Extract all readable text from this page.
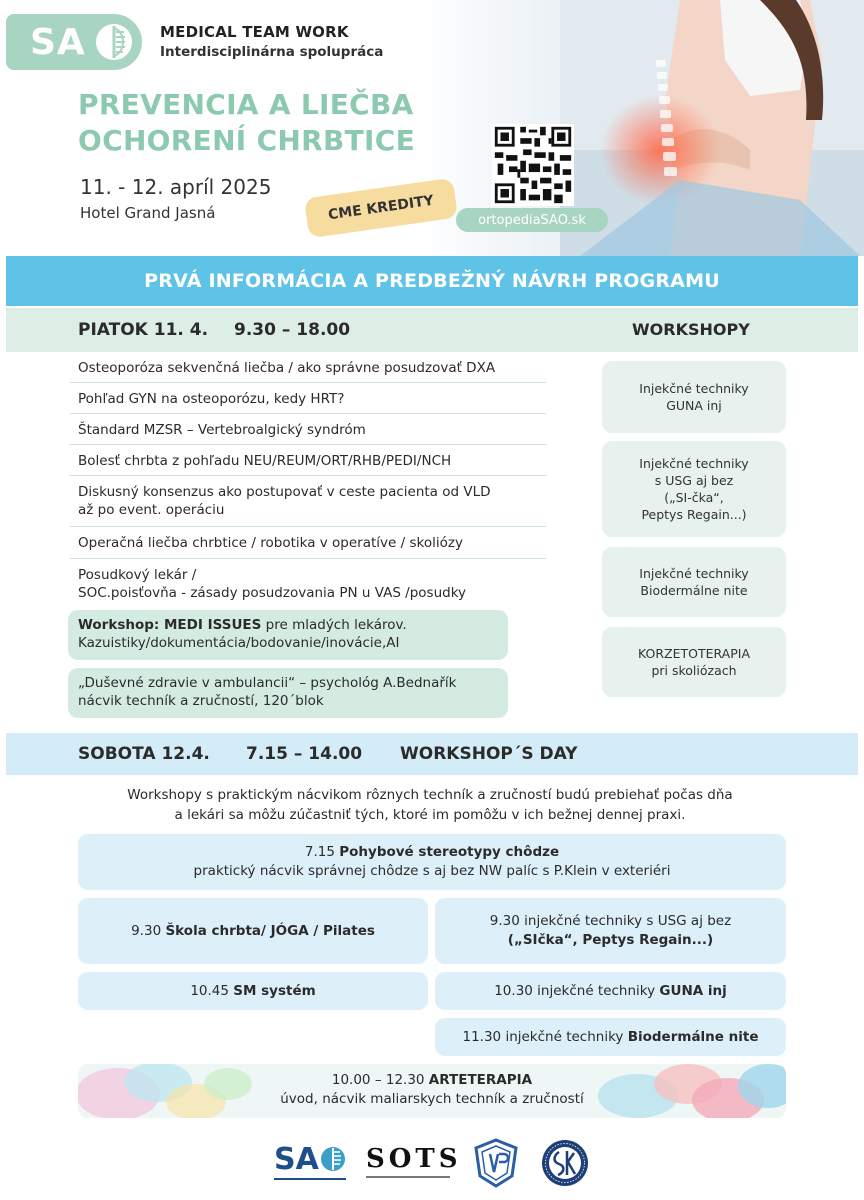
SA	MEDICAL TEAM WORK
Interdisciplinárna spolupráca
PREVENCIA A LIEČBA
OCHORENÍ CHRBTICE
11. - 12. apríl 2025
Hotel Grand Jasná	CME KREDITY	ortopediaSAO.sk
PRVÁ INFORMÁCIA A PREDBEŽNÝ NÁVRH PROGRAMU
PIATOK 11. 4. 9.30 – 18.00	WORKSHOPY
Osteoporóza sekvenčná liečba / ako správne posudzovať DXA
Pohľad GYN na osteoporózu, kedy HRT?
Štandard MZSR – Vertebroalgický syndróm
Bolesť chrbta z pohľadu NEU/REUM/ORT/RHB/PEDI/NCH
Diskusný konsenzus ako postupovať v ceste pacienta od VLD
až po event. operáciu
Operačná liečba chrbtice / robotika v operatíve / skoliózy
Posudkový lekár /
SOC.poisťovňa - zásady posudzovania PN u VAS /posudky
Workshop: MEDI ISSUES pre mladých lekárov.
Kazuistiky/dokumentácia/bodovanie/inovácie,AI
„Duševné zdravie v ambulancii“ – psychológ A.Bednařík
nácvik techník a zručností, 120´blok
Injekčné techniky
GUNA inj
Injekčné techniky
s USG aj bez
(„SI-čka“,
Peptys Regain...)
Injekčné techniky
Biodermálne nite
KORZETOTERAPIA
pri skoliózach
SOBOTA 12.4. 7.15 – 14.00 WORKSHOP´S DAY
Workshopy s praktickým nácvikom rôznych techník a zručností budú prebiehať počas dňa
a lekári sa môžu zúčastniť tých, ktoré im pomôžu v ich bežnej dennej praxi.
7.15 Pohybové stereotypy chôdze
praktický nácvik správnej chôdze s aj bez NW palíc s P.Klein v exteriéri
9.30 Škola chrbta/ JÓGA / Pilates
9.30 injekčné techniky s USG aj bez
(„SIčka“, Peptys Regain...)
10.45 SM systém	10.30 injekčné techniky GUNA inj
11.30 injekčné techniky Biodermálne nite
10.00 – 12.30 ARTETERAPIA
úvod, nácvik maliarskych techník a zručností
SA SOTS
